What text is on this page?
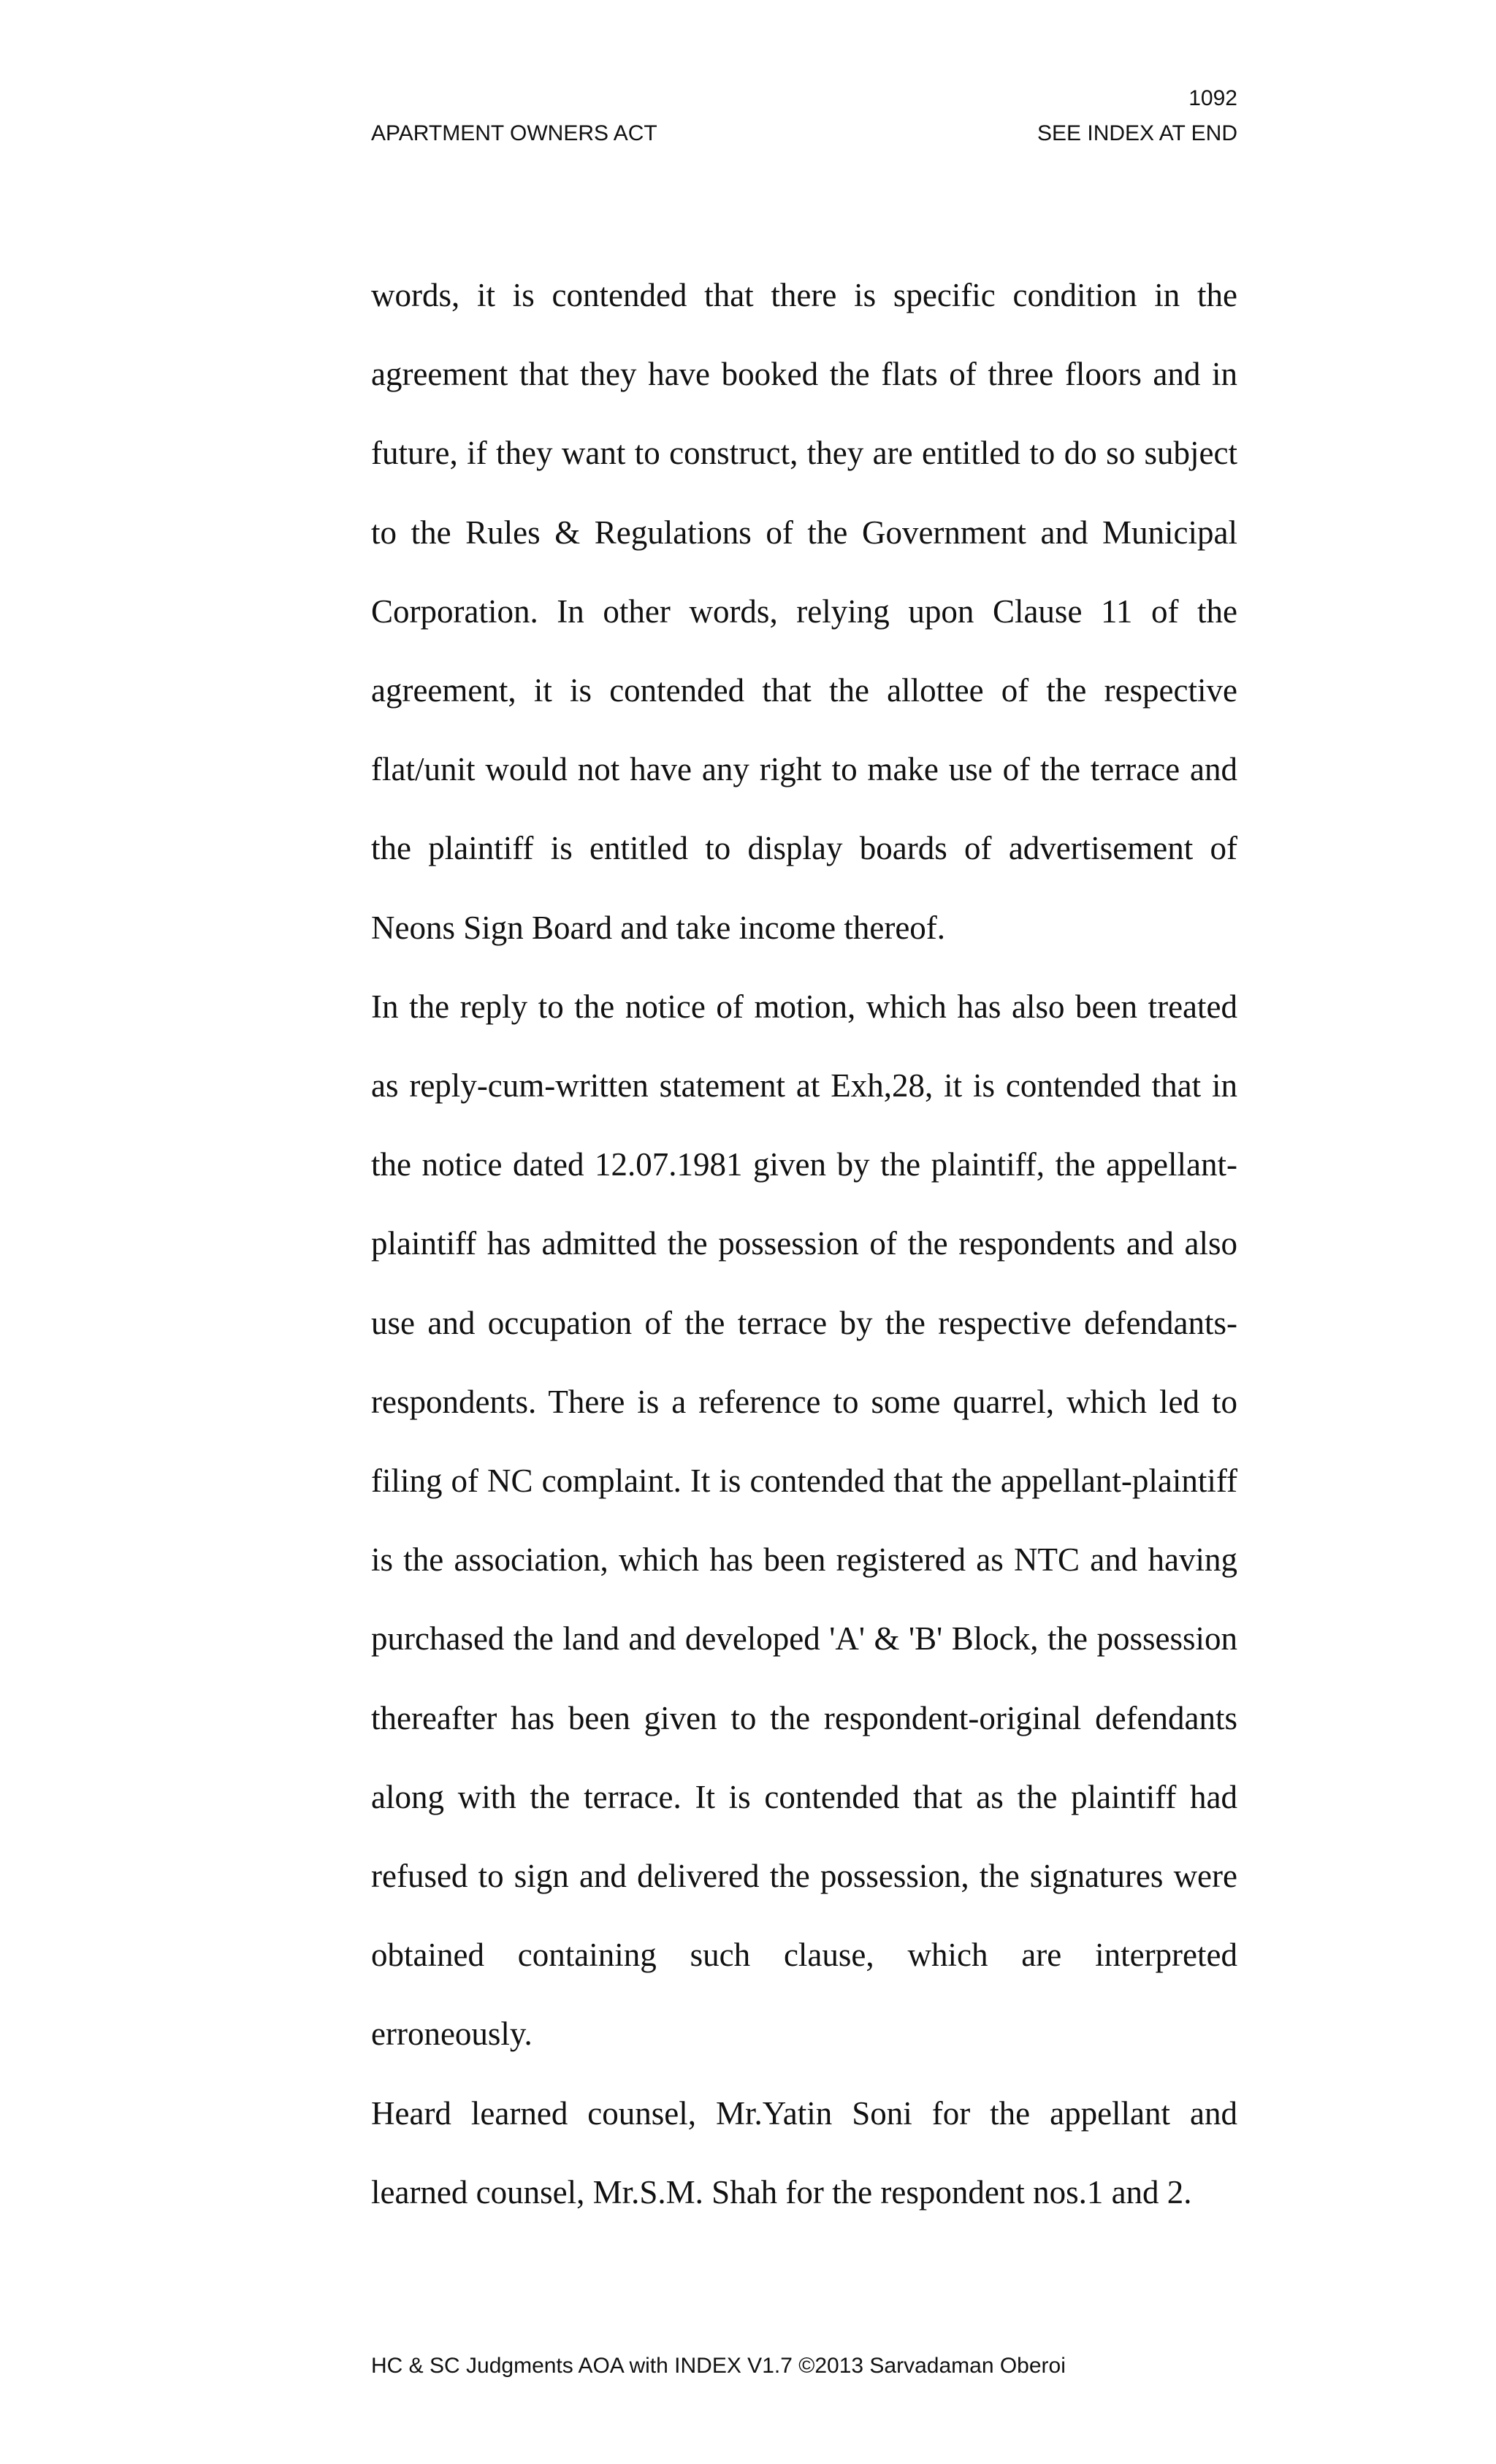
1092
APARTMENT OWNERS ACT	SEE INDEX AT END

words, it is contended that there is specific condition in the agreement that they have booked the flats of three floors and in future, if they want to construct, they are entitled to do so subject to the Rules & Regulations of the Government and Municipal Corporation. In other words, relying upon Clause 11 of the agreement, it is contended that the allottee of the respective flat/unit would not have any right to make use of the terrace and the plaintiff is entitled to display boards of advertisement of Neons Sign Board and take income thereof.

In the reply to the notice of motion, which has also been treated as reply-cum-written statement at Exh,28, it is contended that in the notice dated 12.07.1981 given by the plaintiff, the appellant-plaintiff has admitted the possession of the respondents and also use and occupation of the terrace by the respective defendants-respondents. There is a reference to some quarrel, which led to filing of NC complaint. It is contended that the appellant-plaintiff is the association, which has been registered as NTC and having purchased the land and developed 'A' & 'B' Block, the possession thereafter has been given to the respondent-original defendants along with the terrace. It is contended that as the plaintiff had refused to sign and delivered the possession, the signatures were obtained containing such clause, which are interpreted erroneously.

Heard learned counsel, Mr.Yatin Soni for the appellant and learned counsel, Mr.S.M. Shah for the respondent nos.1 and 2.

HC & SC Judgments AOA with INDEX V1.7 ©2013 Sarvadaman Oberoi
